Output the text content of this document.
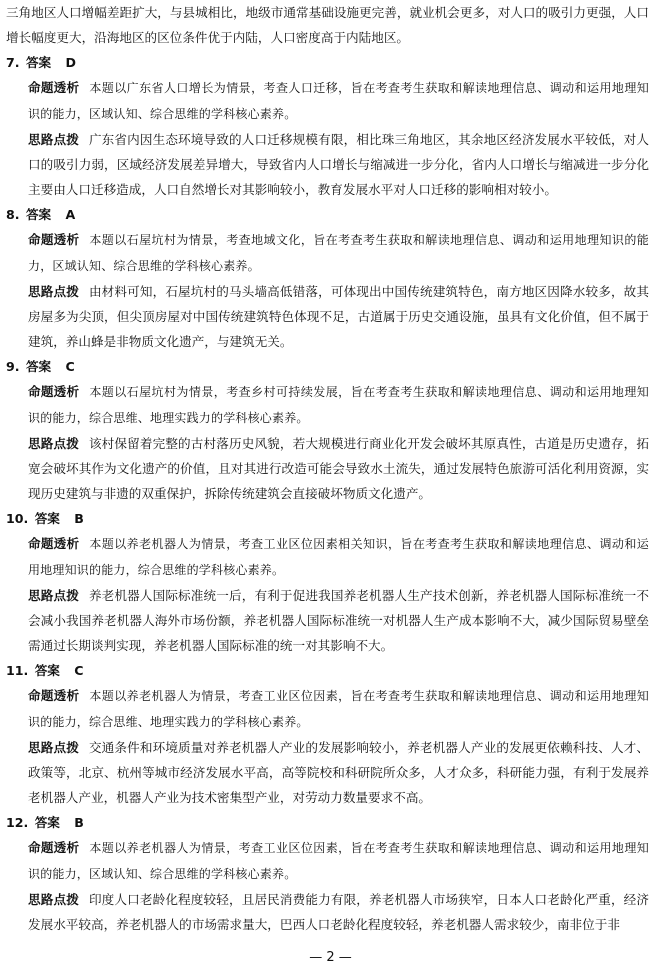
三角地区人口增幅差距扩大，与县城相比，地级市通常基础设施更完善，就业机会更多，对人口的吸引力更强，人口增长幅度更大，沿海地区的区位条件优于内陆，人口密度高于内陆地区。

7. 答案 D

命题透析 本题以广东省人口增长为情景，考查人口迁移，旨在考查考生获取和解读地理信息、调动和运用地理知识的能力，区域认知、综合思维的学科核心素养。

思路点拨 广东省内因生态环境导致的人口迁移规模有限，相比珠三角地区，其余地区经济发展水平较低，对人口的吸引力弱，区域经济发展差异增大，导致省内人口增长与缩减进一步分化，省内人口增长与缩减进一步分化主要由人口迁移造成，人口自然增长对其影响较小，教育发展水平对人口迁移的影响相对较小。

8. 答案 A

命题透析 本题以石屋坑村为情景，考查地域文化，旨在考查考生获取和解读地理信息、调动和运用地理知识的能力，区域认知、综合思维的学科核心素养。

思路点拨 由材料可知，石屋坑村的马头墙高低错落，可体现出中国传统建筑特色，南方地区因降水较多，故其房屋多为尖顶，但尖顶房屋对中国传统建筑特色体现不足，古道属于历史交通设施，虽具有文化价值，但不属于建筑，养山蜂是非物质文化遗产，与建筑无关。

9. 答案 C

命题透析 本题以石屋坑村为情景，考查乡村可持续发展，旨在考查考生获取和解读地理信息、调动和运用地理知识的能力，综合思维、地理实践力的学科核心素养。

思路点拨 该村保留着完整的古村落历史风貌，若大规模进行商业化开发会破坏其原真性，古道是历史遗存，拓宽会破坏其作为文化遗产的价值，且对其进行改造可能会导致水土流失，通过发展特色旅游可活化利用资源，实现历史建筑与非遗的双重保护，拆除传统建筑会直接破坏物质文化遗产。

10. 答案 B

命题透析 本题以养老机器人为情景，考查工业区位因素相关知识，旨在考查考生获取和解读地理信息、调动和运用地理知识的能力，综合思维的学科核心素养。

思路点拨 养老机器人国际标准统一后，有利于促进我国养老机器人生产技术创新，养老机器人国际标准统一不会减小我国养老机器人海外市场份额，养老机器人国际标准统一对机器人生产成本影响不大，减少国际贸易壁垒需通过长期谈判实现，养老机器人国际标准的统一对其影响不大。

11. 答案 C

命题透析 本题以养老机器人为情景，考查工业区位因素，旨在考查考生获取和解读地理信息、调动和运用地理知识的能力，综合思维、地理实践力的学科核心素养。

思路点拨 交通条件和环境质量对养老机器人产业的发展影响较小，养老机器人产业的发展更依赖科技、人才、政策等，北京、杭州等城市经济发展水平高，高等院校和科研院所众多，人才众多，科研能力强，有利于发展养老机器人产业，机器人产业为技术密集型产业，对劳动力数量要求不高。

12. 答案 B

命题透析 本题以养老机器人为情景，考查工业区位因素，旨在考查考生获取和解读地理信息、调动和运用地理知识的能力，区域认知、综合思维的学科核心素养。

思路点拨 印度人口老龄化程度较轻，且居民消费能力有限，养老机器人市场狭窄，日本人口老龄化严重，经济发展水平较高，养老机器人的市场需求量大，巴西人口老龄化程度较轻，养老机器人需求较少，南非位于非

— 2 —
